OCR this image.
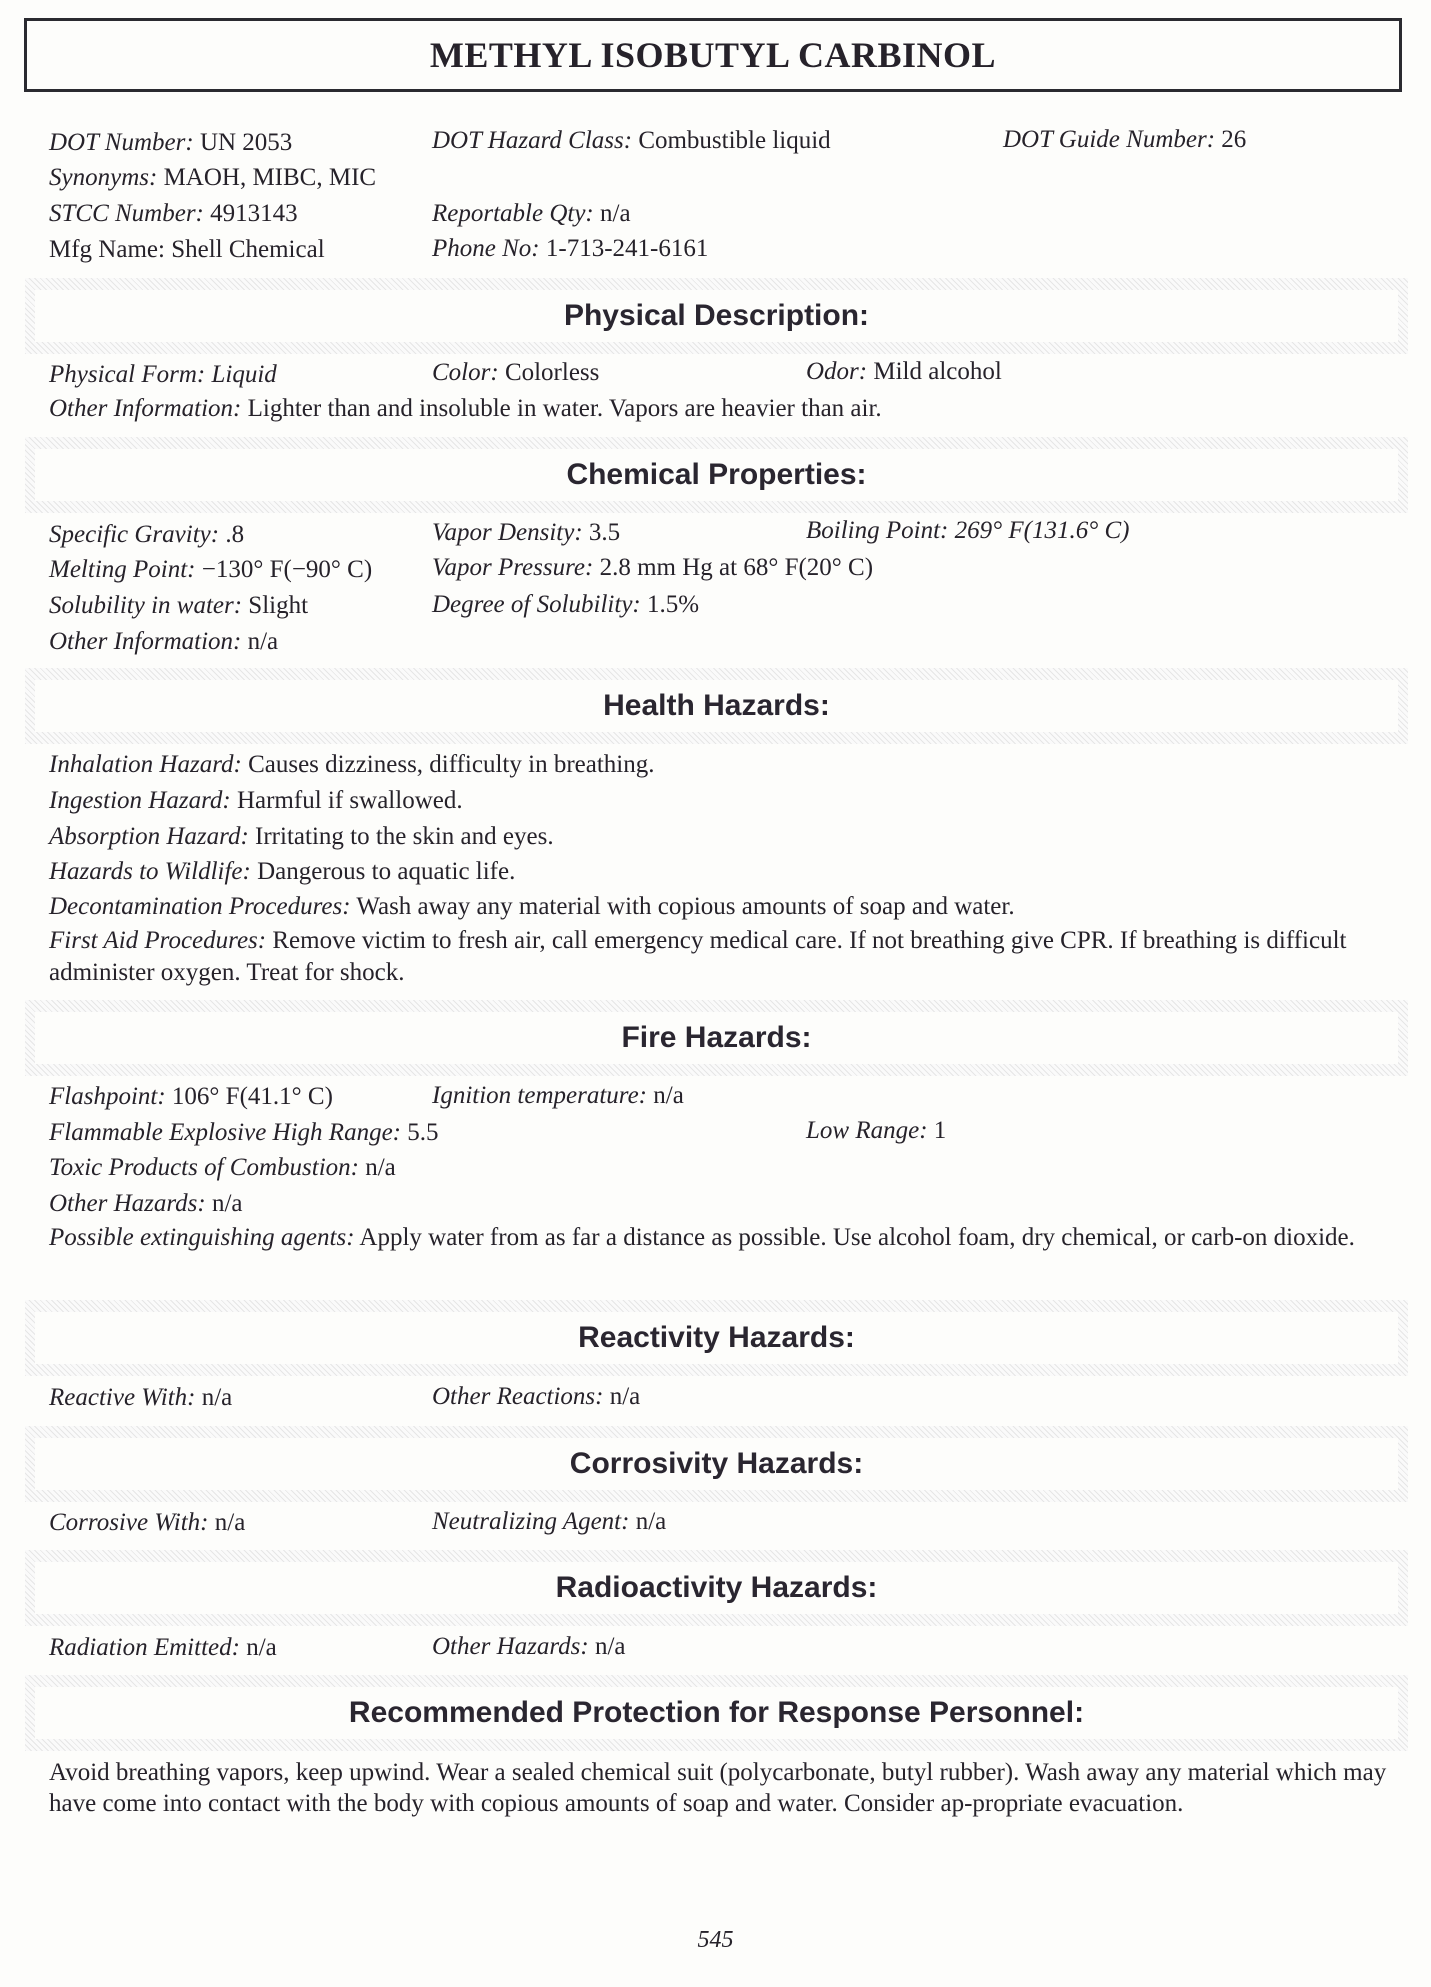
METHYL ISOBUTYL CARBINOL
DOT Number: UN 2053	DOT Hazard Class: Combustible liquid	DOT Guide Number: 26
Synonyms: MAOH, MIBC, MIC
STCC Number: 4913143	Reportable Qty: n/a
Mfg Name: Shell Chemical	Phone No: 1-713-241-6161
Physical Description:
Physical Form: Liquid	Color: Colorless	Odor: Mild alcohol
Other Information: Lighter than and insoluble in water. Vapors are heavier than air.
Chemical Properties:
Specific Gravity: .8	Vapor Density: 3.5	Boiling Point: 269° F(131.6° C)
Melting Point: −130° F(−90° C) Vapor Pressure: 2.8 mm Hg at 68° F(20° C)
Solubility in water: Slight	Degree of Solubility: 1.5%
Other Information: n/a
Health Hazards:
Inhalation Hazard: Causes dizziness, difficulty in breathing.
Ingestion Hazard: Harmful if swallowed.
Absorption Hazard: Irritating to the skin and eyes.
Hazards to Wildlife: Dangerous to aquatic life.
Decontamination Procedures: Wash away any material with copious amounts of soap and water.
First Aid Procedures: Remove victim to fresh air, call emergency medical care. If not breathing give CPR. If breathing is difficult administer oxygen. Treat for shock.
Fire Hazards:
Flashpoint: 106° F(41.1° C)	Ignition temperature: n/a
Flammable Explosive High Range: 5.5	Low Range: 1
Toxic Products of Combustion: n/a
Other Hazards: n/a
Possible extinguishing agents: Apply water from as far a distance as possible. Use alcohol foam, dry chemical, or carb-on dioxide.
Reactivity Hazards:
Reactive With: n/a	Other Reactions: n/a
Corrosivity Hazards:
Corrosive With: n/a	Neutralizing Agent: n/a
Radioactivity Hazards:
Radiation Emitted: n/a	Other Hazards: n/a
Recommended Protection for Response Personnel:
Avoid breathing vapors, keep upwind. Wear a sealed chemical suit (polycarbonate, butyl rubber). Wash away any material which may have come into contact with the body with copious amounts of soap and water. Consider ap-propriate evacuation.
545
